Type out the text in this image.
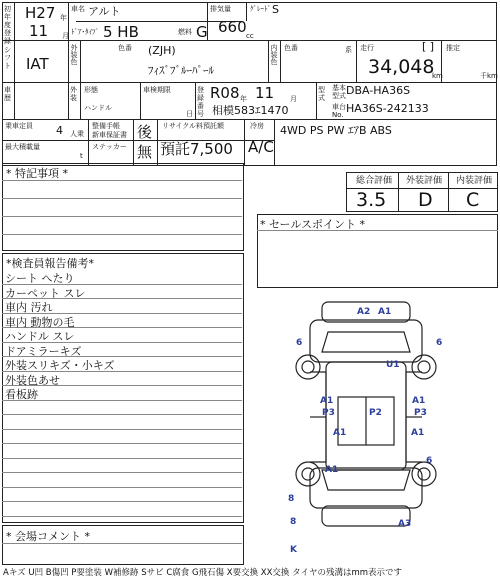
初年度登録
H27 年
11 月
車名 アルト
ﾄﾞｱ･ﾀｲﾌﾟ 5 HB	燃料 G
排気量
660 cc
ｸﾞﾚｰﾄﾞ S
シフト IAT	外装色	色番 (ZJH)
ﾌｨｽﾞﾌﾞﾙｰﾊﾟｰﾙ
内装色 色番	系 走行	[ ]
34,048
km
推定
千km
車歴
外装
形態
ハンドル
車検期限
日
登録番号
R08 年 11 月
相模583ｴ1470
型式
基本型式 DBA-HA36S
車台No. HA36S-242133
乗車定員 4 人乗
最大積載量
t
整備手帳
新車保証書
ステッカー
後
無
リサイクル料預託額
預託7,500
冷房
A/C
4WD PS PW ｴｱB ABS
* 特記事項 *
総合評価 外装評価 内装評価
3.5 D C
* セールスポイント *
*検査員報告備考*
シート へたり
カーペット スレ
車内 汚れ
車内 動物の毛
ハンドル スレ
ドアミラーキズ
外装スリキズ・小キズ
外装色あせ
看板跡
* 会場コメント *
A2 A1
6	6
U1
A1	A1
P3	P3
P2
A1	A1
A1
6
8
8	A3
K
Aキズ U凹 B傷凹 P要塗装 W補修跡 Sサビ C腐食 G飛石傷 X要交換 XX交換 タイヤの残溝はmm表示です
